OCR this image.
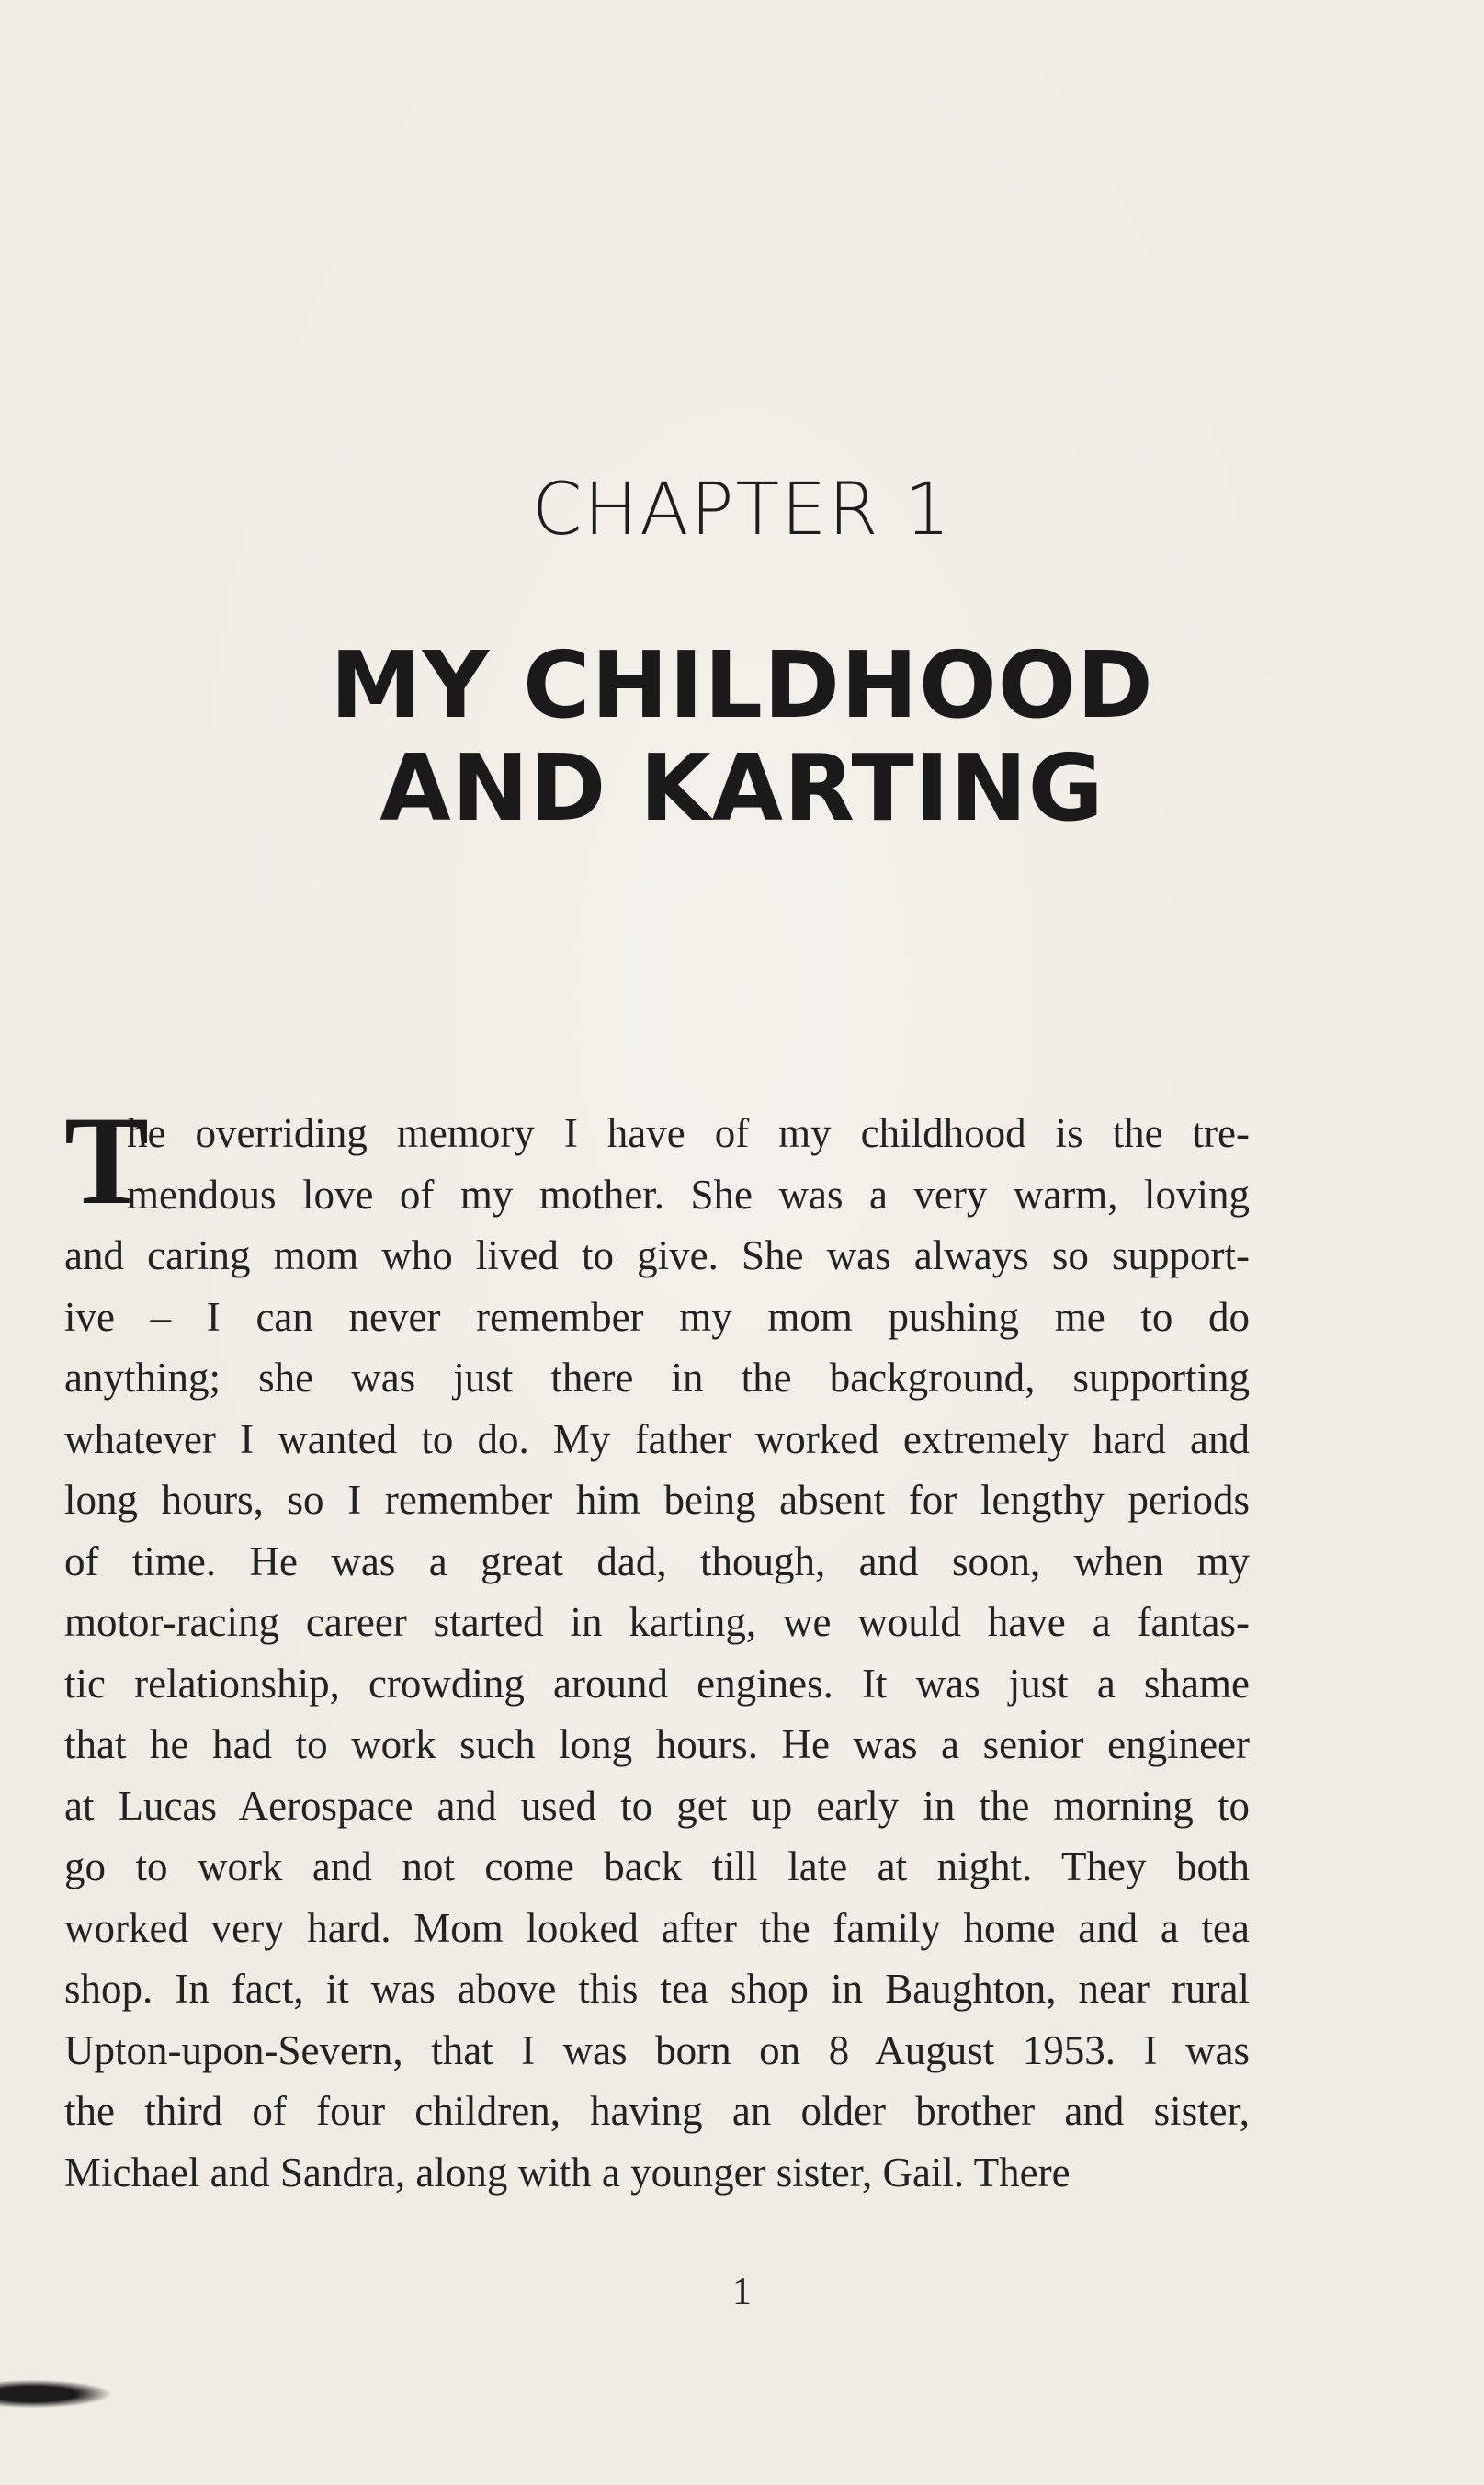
CHAPTER 1
MY CHILDHOOD
AND KARTING
T
he overriding memory I have of my childhood is the tre-
mendous love of my mother. She was a very warm, loving
and caring mom who lived to give. She was always so support-
ive – I can never remember my mom pushing me to do
anything; she was just there in the background, supporting
whatever I wanted to do. My father worked extremely hard and
long hours, so I remember him being absent for lengthy periods
of time. He was a great dad, though, and soon, when my
motor-racing career started in karting, we would have a fantas-
tic relationship, crowding around engines. It was just a shame
that he had to work such long hours. He was a senior engineer
at Lucas Aerospace and used to get up early in the morning to
go to work and not come back till late at night. They both
worked very hard. Mom looked after the family home and a tea
shop. In fact, it was above this tea shop in Baughton, near rural
Upton-upon-Severn, that I was born on 8 August 1953. I was
the third of four children, having an older brother and sister,
Michael and Sandra, along with a younger sister, Gail. There
1
